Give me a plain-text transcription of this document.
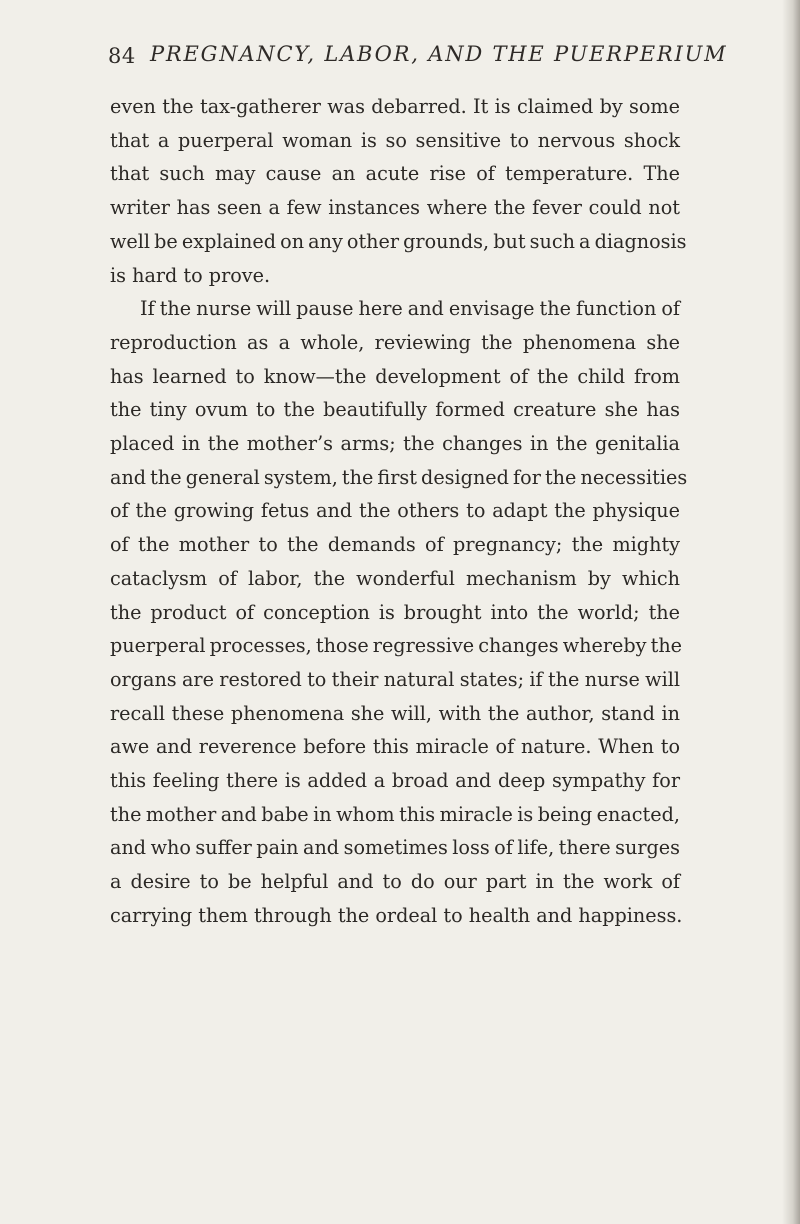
84 PREGNANCY, LABOR, AND THE PUERPERIUM
even the tax-gatherer was debarred. It is claimed by some
that a puerperal woman is so sensitive to nervous shock
that such may cause an acute rise of temperature. The
writer has seen a few instances where the fever could not
well be explained on any other grounds, but such a diagnosis
is hard to prove.
If the nurse will pause here and envisage the function of
reproduction as a whole, reviewing the phenomena she
has learned to know—the development of the child from
the tiny ovum to the beautifully formed creature she has
placed in the mother’s arms; the changes in the genitalia
and the general system, the first designed for the necessities
of the growing fetus and the others to adapt the physique
of the mother to the demands of pregnancy; the mighty
cataclysm of labor, the wonderful mechanism by which
the product of conception is brought into the world; the
puerperal processes, those regressive changes whereby the
organs are restored to their natural states; if the nurse will
recall these phenomena she will, with the author, stand in
awe and reverence before this miracle of nature. When to
this feeling there is added a broad and deep sympathy for
the mother and babe in whom this miracle is being enacted,
and who suffer pain and sometimes loss of life, there surges
a desire to be helpful and to do our part in the work of
carrying them through the ordeal to health and happiness.
